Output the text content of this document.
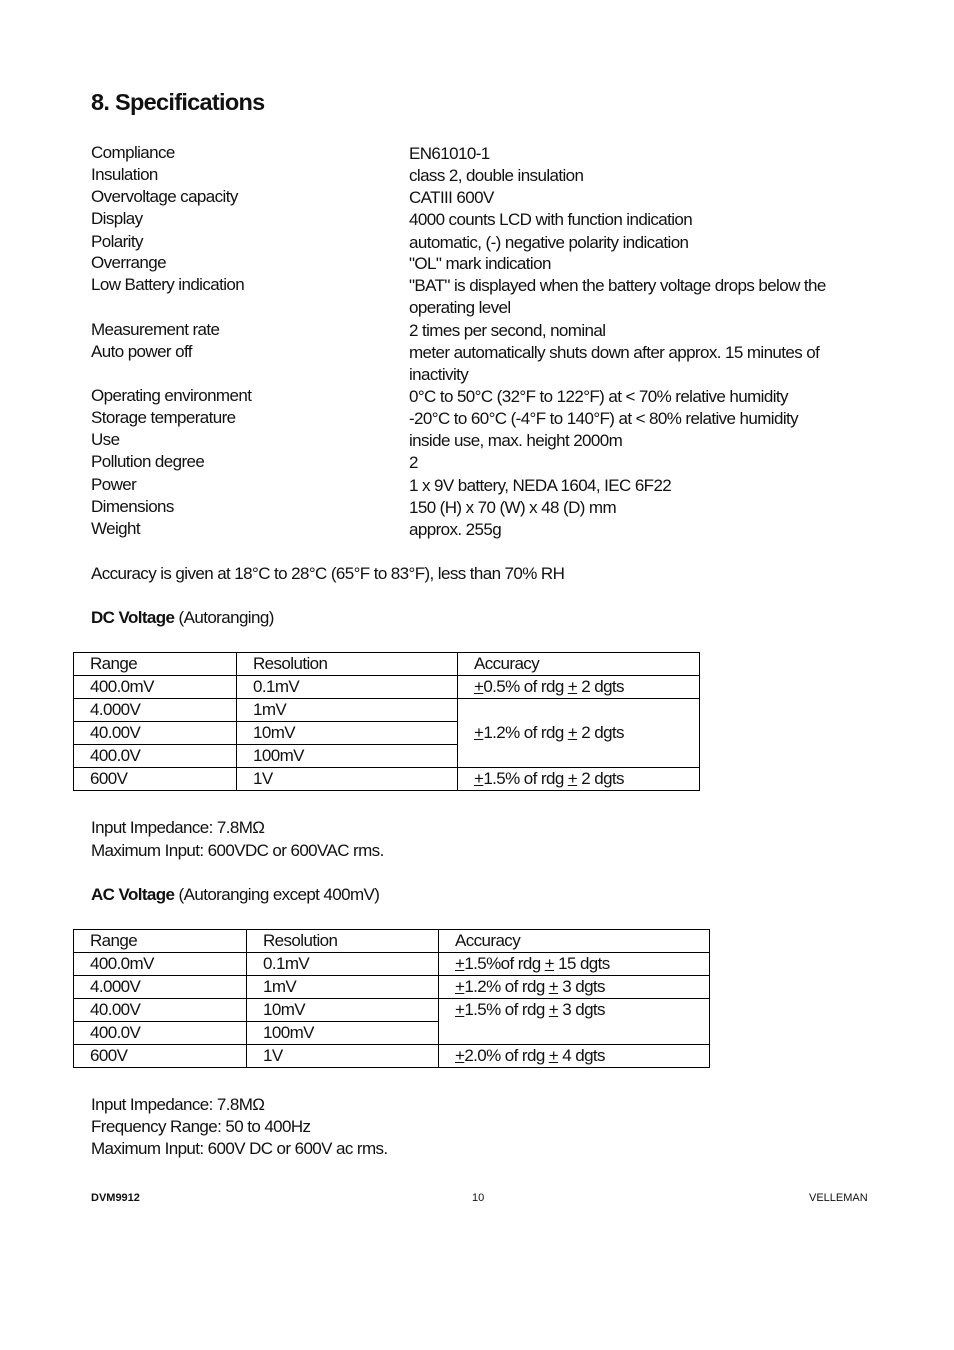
8. Specifications
Compliance	EN61010-1
Insulation	class 2, double insulation
Overvoltage capacity	CATIII 600V
Display	4000 counts LCD with function indication
Polarity	automatic, (-) negative polarity indication
Overrange	"OL" mark indication
Low Battery indication	"BAT" is displayed when the battery voltage drops below the operating level
Measurement rate	2 times per second, nominal
Auto power off	meter automatically shuts down after approx. 15 minutes of inactivity
Operating environment	0°C to 50°C (32°F to 122°F) at < 70% relative humidity
Storage temperature	-20°C to 60°C (-4°F to 140°F) at < 80% relative humidity
Use	inside use, max. height 2000m
Pollution degree	2
Power	1 x 9V battery, NEDA 1604, IEC 6F22
Dimensions	150 (H) x 70 (W) x 48 (D) mm
Weight	approx. 255g
Accuracy is given at 18°C to 28°C (65°F to 83°F), less than 70% RH
DC Voltage (Autoranging)
Range	Resolution	Accuracy
400.0mV	0.1mV	+0.5% of rdg + 2 dgts
4.000V	1mV	+1.2% of rdg + 2 dgts
40.00V	10mV	
400.0V	100mV	
600V	1V	+1.5% of rdg + 2 dgts
Input Impedance: 7.8MΩ
Maximum Input: 600VDC or 600VAC rms.
AC Voltage (Autoranging except 400mV)
Range	Resolution	Accuracy
400.0mV	0.1mV	+1.5%of rdg + 15 dgts
4.000V	1mV	+1.2% of rdg + 3 dgts
40.00V	10mV	+1.5% of rdg + 3 dgts
400.0V	100mV	
600V	1V	+2.0% of rdg + 4 dgts
Input Impedance: 7.8MΩ
Frequency Range: 50 to 400Hz
Maximum Input: 600V DC or 600V ac rms.
DVM9912	10	VELLEMAN
